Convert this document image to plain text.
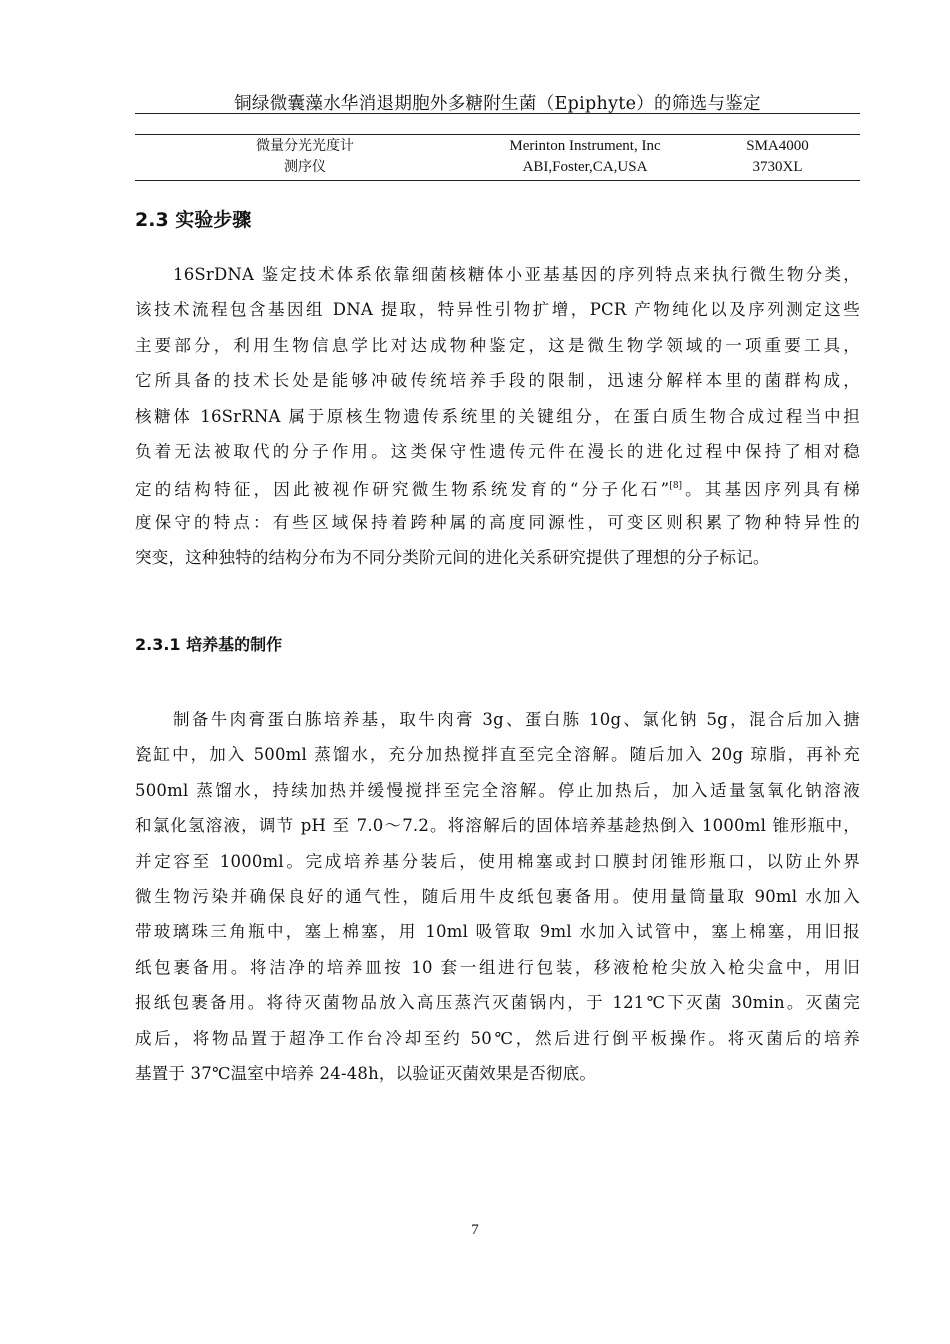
铜绿微囊藻水华消退期胞外多糖附生菌（Epiphyte）的筛选与鉴定
微量分光光度计	Merinton Instrument, Inc	SMA4000
测序仪	ABI,Foster,CA,USA	3730XL
2.3 实验步骤
16SrDNA 鉴定技术体系依靠细菌核糖体小亚基基因的序列特点来执行微生物分类，
该技术流程包含基因组 DNA 提取，特异性引物扩增，PCR 产物纯化以及序列测定这些
主要部分，利用生物信息学比对达成物种鉴定，这是微生物学领域的一项重要工具，
它所具备的技术长处是能够冲破传统培养手段的限制，迅速分解样本里的菌群构成，
核糖体 16SrRNA 属于原核生物遗传系统里的关键组分，在蛋白质生物合成过程当中担
负着无法被取代的分子作用。这类保守性遗传元件在漫长的进化过程中保持了相对稳
定的结构特征，因此被视作研究微生物系统发育的“分子化石”[8]。其基因序列具有梯
度保守的特点：有些区域保持着跨种属的高度同源性，可变区则积累了物种特异性的
突变，这种独特的结构分布为不同分类阶元间的进化关系研究提供了理想的分子标记。
2.3.1 培养基的制作
制备牛肉膏蛋白胨培养基，取牛肉膏 3g、蛋白胨 10g、氯化钠 5g，混合后加入搪
瓷缸中，加入 500ml 蒸馏水，充分加热搅拌直至完全溶解。随后加入 20g 琼脂，再补充
500ml 蒸馏水，持续加热并缓慢搅拌至完全溶解。停止加热后，加入适量氢氧化钠溶液
和氯化氢溶液，调节 pH 至 7.0～7.2。将溶解后的固体培养基趁热倒入 1000ml 锥形瓶中，
并定容至 1000ml。完成培养基分装后，使用棉塞或封口膜封闭锥形瓶口，以防止外界
微生物污染并确保良好的通气性，随后用牛皮纸包裹备用。使用量筒量取 90ml 水加入
带玻璃珠三角瓶中，塞上棉塞，用 10ml 吸管取 9ml 水加入试管中，塞上棉塞，用旧报
纸包裹备用。将洁净的培养皿按 10 套一组进行包装，移液枪枪尖放入枪尖盒中，用旧
报纸包裹备用。将待灭菌物品放入高压蒸汽灭菌锅内，于 121℃下灭菌 30min。灭菌完
成后，将物品置于超净工作台冷却至约 50℃，然后进行倒平板操作。将灭菌后的培养
基置于 37℃温室中培养 24-48h，以验证灭菌效果是否彻底。
7
